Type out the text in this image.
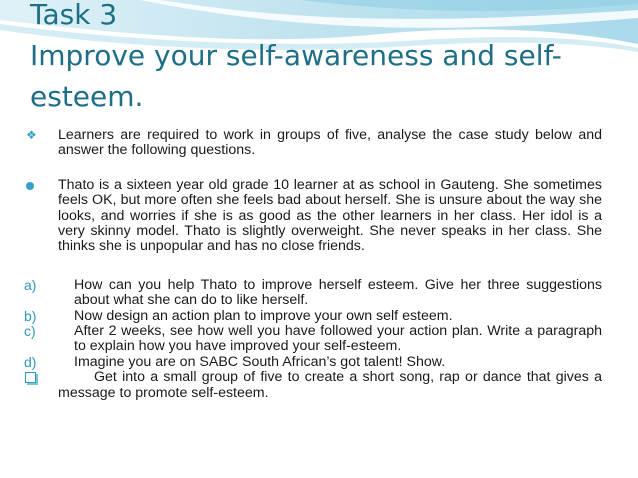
Task 3
Improve your self-awareness and self-
esteem.
❖ Learners are required to work in groups of five, analyse the case study below and answer the following questions.
Thato is a sixteen year old grade 10 learner at as school in Gauteng. She sometimes feels OK, but more often she feels bad about herself. She is unsure about the way she looks, and worries if she is as good as the other learners in her class. Her idol is a very skinny model. Thato is slightly overweight. She never speaks in her class. She thinks she is unpopular and has no close friends.
a)	How can you help Thato to improve herself esteem. Give her three suggestions about what she can do to like herself.
b)	Now design an action plan to improve your own self esteem.
c)	After 2 weeks, see how well you have followed your action plan. Write a paragraph to explain how you have improved your self-esteem.
d)	Imagine you are on SABC South African’s got talent! Show.
Get into a small group of five to create a short song, rap or dance that gives a message to promote self-esteem.
